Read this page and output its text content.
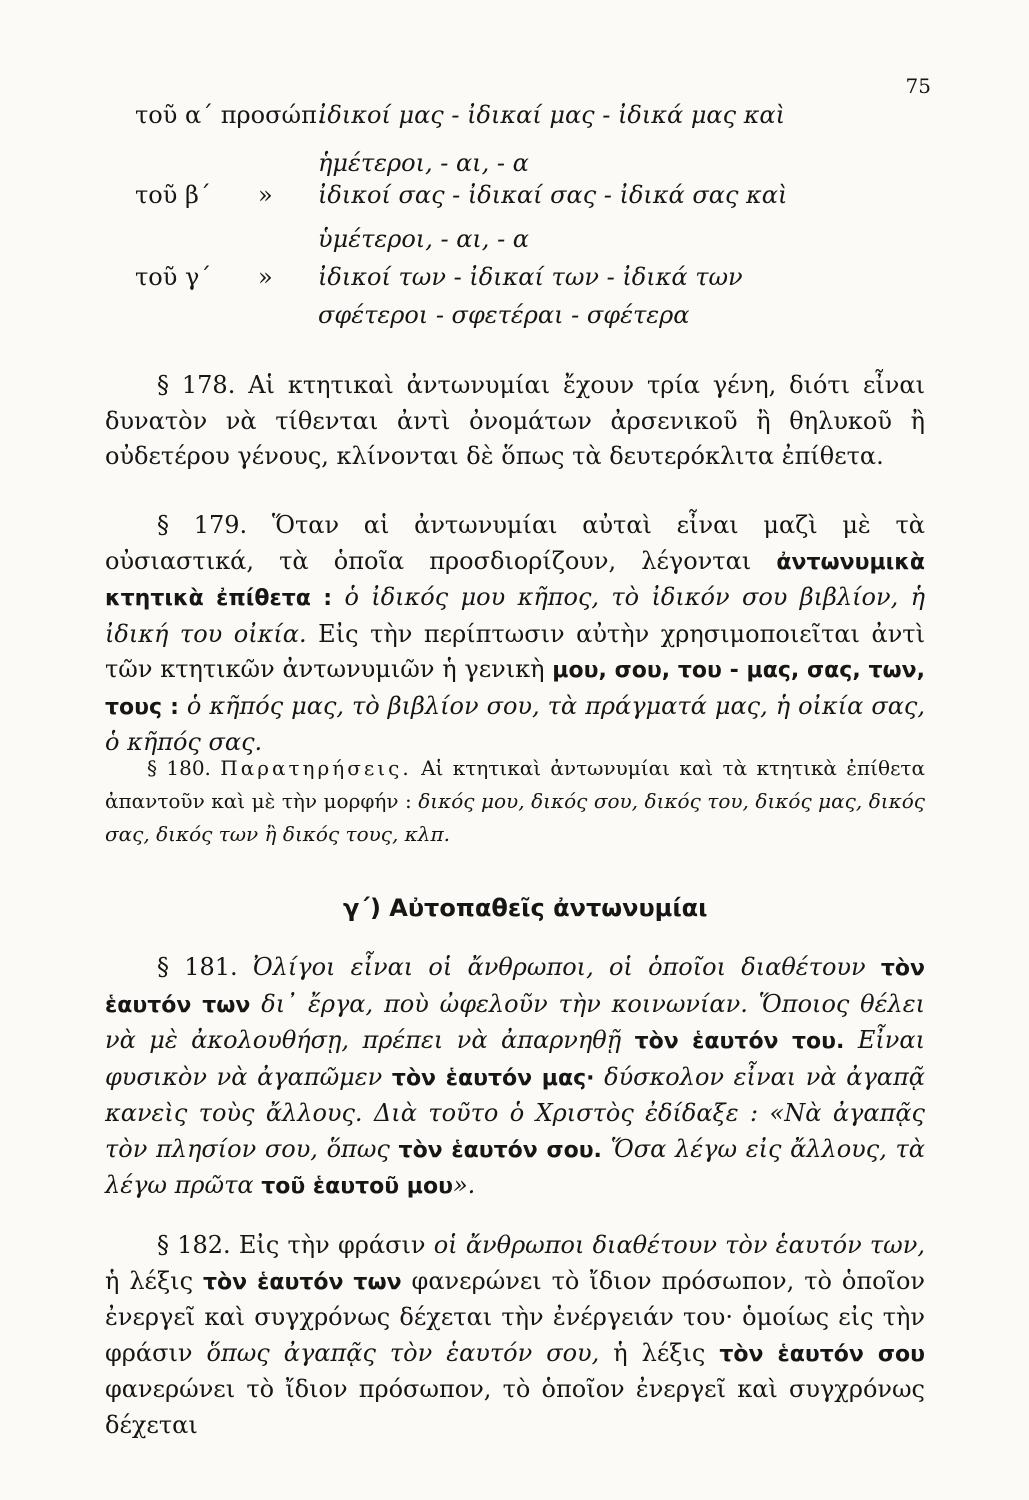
75
τοῦ α΄ προσώπ.
ἰδικοί μας - ἰδικαί μας - ἰδικά μας καὶ
ἡμέτεροι, - αι, - α
τοῦ β΄ » ἰδικοί σας - ἰδικαί σας - ἰδικά σας καὶ
ὑμέτεροι, - αι, - α
τοῦ γ΄ » ἰδικοί των - ἰδικαί των - ἰδικά των
σφέτεροι - σφετέραι - σφέτερα
§ 178. Αἱ κτητικαὶ ἀντωνυμίαι ἔχουν τρία γένη, διότι εἶναι δυνατὸν νὰ τίθενται ἀντὶ ὀνομάτων ἀρσενικοῦ ἢ θηλυκοῦ ἢ οὐδετέρου γένους, κλίνονται δὲ ὅπως τὰ δευτερόκλιτα ἐπίθετα.
§ 179. Ὅταν αἱ ἀντωνυμίαι αὐταὶ εἶναι μαζὶ μὲ τὰ οὐσιαστικά, τὰ ὁποῖα προσδιορίζουν, λέγονται ἀντωνυμικὰ κτητικὰ ἐπίθετα : ὁ ἰδικός μου κῆπος, τὸ ἰδικόν σου βιβλίον, ἡ ἰδική του οἰκία. Εἰς τὴν περίπτωσιν αὐτὴν χρησιμοποιεῖται ἀντὶ τῶν κτητικῶν ἀντωνυμιῶν ἡ γενικὴ μου, σου, του - μας, σας, των, τους : ὁ κῆπός μας, τὸ βιβλίον σου, τὰ πράγματά μας, ἡ οἰκία σας, ὁ κῆπός σας.
§ 180. Παρατηρήσεις. Αἱ κτητικαὶ ἀντωνυμίαι καὶ τὰ κτητικὰ ἐπίθετα ἀπαντοῦν καὶ μὲ τὴν μορφήν : δικός μου, δικός σου, δικός του, δικός μας, δικός σας, δικός των ἢ δικός τους, κλπ.
γ΄) Αὐτοπαθεῖς ἀντωνυμίαι
§ 181. Ὀλίγοι εἶναι οἱ ἄνθρωποι, οἱ ὁποῖοι διαθέτουν τὸν ἑαυτόν των δι᾽ ἔργα, ποὺ ὠφελοῦν τὴν κοινωνίαν. Ὅποιος θέλει νὰ μὲ ἀκολουθήσῃ, πρέπει νὰ ἀπαρνηθῇ τὸν ἑαυτόν του. Εἶναι φυσικὸν νὰ ἀγαπῶμεν τὸν ἑαυτόν μας· δύσκολον εἶναι νὰ ἀγαπᾷ κανεὶς τοὺς ἄλλους. Διὰ τοῦτο ὁ Χριστὸς ἐδίδαξε : «Νὰ ἀγαπᾷς τὸν πλησίον σου, ὅπως τὸν ἑαυτόν σου. Ὅσα λέγω εἰς ἄλλους, τὰ λέγω πρῶτα τοῦ ἑαυτοῦ μου».
§ 182. Εἰς τὴν φράσιν οἱ ἄνθρωποι διαθέτουν τὸν ἑαυτόν των, ἡ λέξις τὸν ἑαυτόν των φανερώνει τὸ ἴδιον πρόσωπον, τὸ ὁποῖον ἐνεργεῖ καὶ συγχρόνως δέχεται τὴν ἐνέργειάν του· ὁμοίως εἰς τὴν φράσιν ὅπως ἀγαπᾷς τὸν ἑαυτόν σου, ἡ λέξις τὸν ἑαυτόν σου φανερώνει τὸ ἴδιον πρόσωπον, τὸ ὁποῖον ἐνεργεῖ καὶ συγχρόνως δέχεται
